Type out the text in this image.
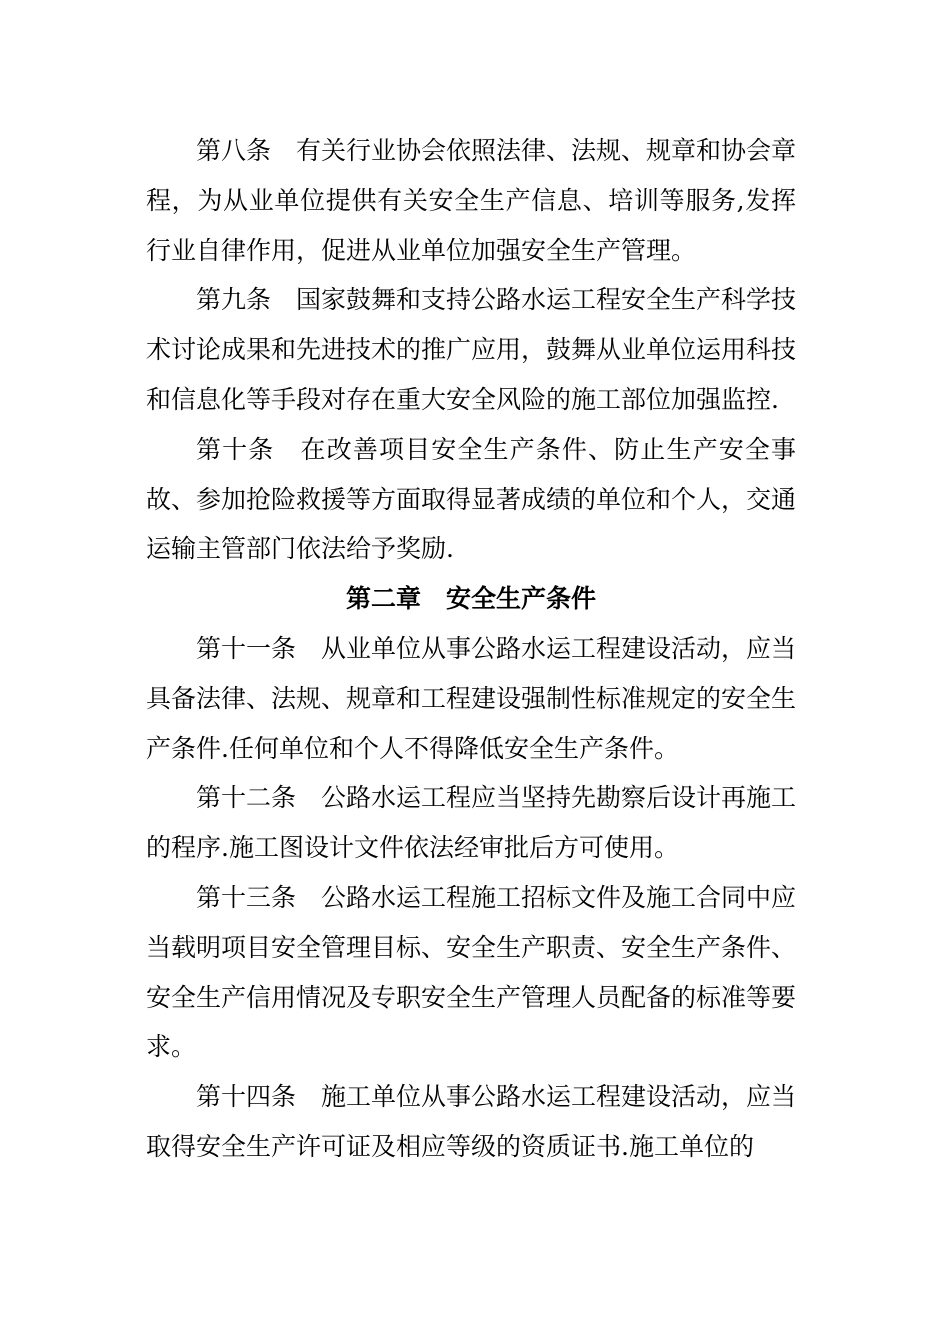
第八条　有关行业协会依照法律、法规、规章和协会章程，为从业单位提供有关安全生产信息、培训等服务,发挥行业自律作用，促进从业单位加强安全生产管理。

第九条　国家鼓舞和支持公路水运工程安全生产科学技术讨论成果和先进技术的推广应用，鼓舞从业单位运用科技和信息化等手段对存在重大安全风险的施工部位加强监控.

第十条　在改善项目安全生产条件、防止生产安全事故、参加抢险救援等方面取得显著成绩的单位和个人，交通运输主管部门依法给予奖励.

第二章　安全生产条件

第十一条　从业单位从事公路水运工程建设活动，应当具备法律、法规、规章和工程建设强制性标准规定的安全生产条件.任何单位和个人不得降低安全生产条件。

第十二条　公路水运工程应当坚持先勘察后设计再施工的程序.施工图设计文件依法经审批后方可使用。

第十三条　公路水运工程施工招标文件及施工合同中应当载明项目安全管理目标、安全生产职责、安全生产条件、安全生产信用情况及专职安全生产管理人员配备的标准等要求。

第十四条　施工单位从事公路水运工程建设活动，应当取得安全生产许可证及相应等级的资质证书.施工单位的
